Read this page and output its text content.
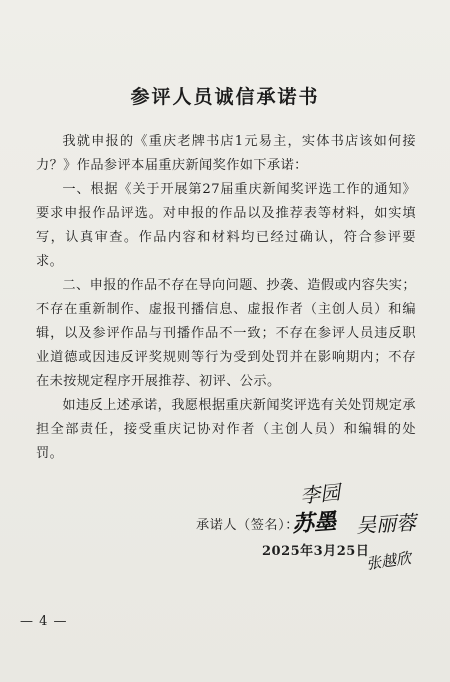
参评人员诚信承诺书

我就申报的《重庆老牌书店1元易主，实体书店该如何接力？》作品参评本届重庆新闻奖作如下承诺：

一、根据《关于开展第27届重庆新闻奖评选工作的通知》要求申报作品评选。对申报的作品以及推荐表等材料，如实填写，认真审查。作品内容和材料均已经过确认，符合参评要求。

二、申报的作品不存在导向问题、抄袭、造假或内容失实；不存在重新制作、虚报刊播信息、虚报作者（主创人员）和编辑，以及参评作品与刊播作品不一致；不存在参评人员违反职业道德或因违反评奖规则等行为受到处罚并在影响期内；不存在未按规定程序开展推荐、初评、公示。

如违反上述承诺，我愿根据重庆新闻奖评选有关处罚规定承担全部责任，接受重庆记协对作者（主创人员）和编辑的处罚。

李园
承诺人（签名）：
苏墨 吴丽蓉
2025年3月25日
张越欣
— 4 —
